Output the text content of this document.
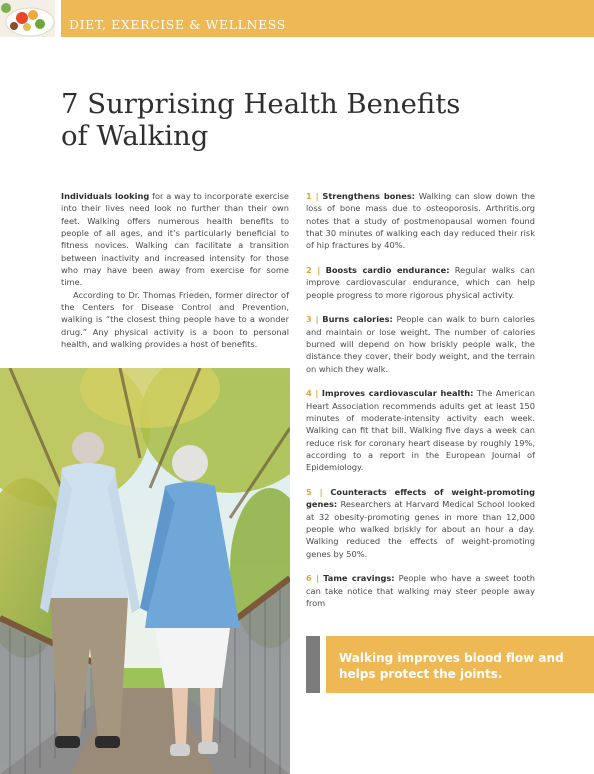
DIET, EXERCISE & WELLNESS
7 Surprising Health Benefits
of Walking

Individuals looking for a way to incorporate exercise into their lives need look no further than their own feet. Walking offers numerous health benefits to people of all ages, and it’s particularly beneficial to fitness novices. Walking can facilitate a transition between inactivity and increased intensity for those who may have been away from exercise for some time.

According to Dr. Thomas Frieden, former director of the Centers for Disease Control and Prevention, walking is “the closest thing people have to a wonder drug.” Any physical activity is a boon to personal health, and walking provides a host of benefits.

1 | Strengthens bones: Walking can slow down the loss of bone mass due to osteoporosis. Arthritis.org notes that a study of postmenopausal women found that 30 minutes of walking each day reduced their risk of hip fractures by 40%.

2 | Boosts cardio endurance: Regular walks can improve cardiovascular endurance, which can help people progress to more rigorous physical activity.

3 | Burns calories: People can walk to burn calories and maintain or lose weight. The number of calories burned will depend on how briskly people walk, the distance they cover, their body weight, and the terrain on which they walk.

4 | Improves cardiovascular health: The American Heart Association recommends adults get at least 150 minutes of moderate-intensity activity each week. Walking can fit that bill. Walking five days a week can reduce risk for coronary heart disease by roughly 19%, according to a report in the European Journal of Epidemiology.

5 | Counteracts effects of weight-promoting genes: Researchers at Harvard Medical School looked at 32 obesity-promoting genes in more than 12,000 people who walked briskly for about an hour a day. Walking reduced the effects of weight-promoting genes by 50%.

6 | Tame cravings: People who have a sweet tooth can take notice that walking may steer people away from

Walking improves blood flow and helps protect the joints.
